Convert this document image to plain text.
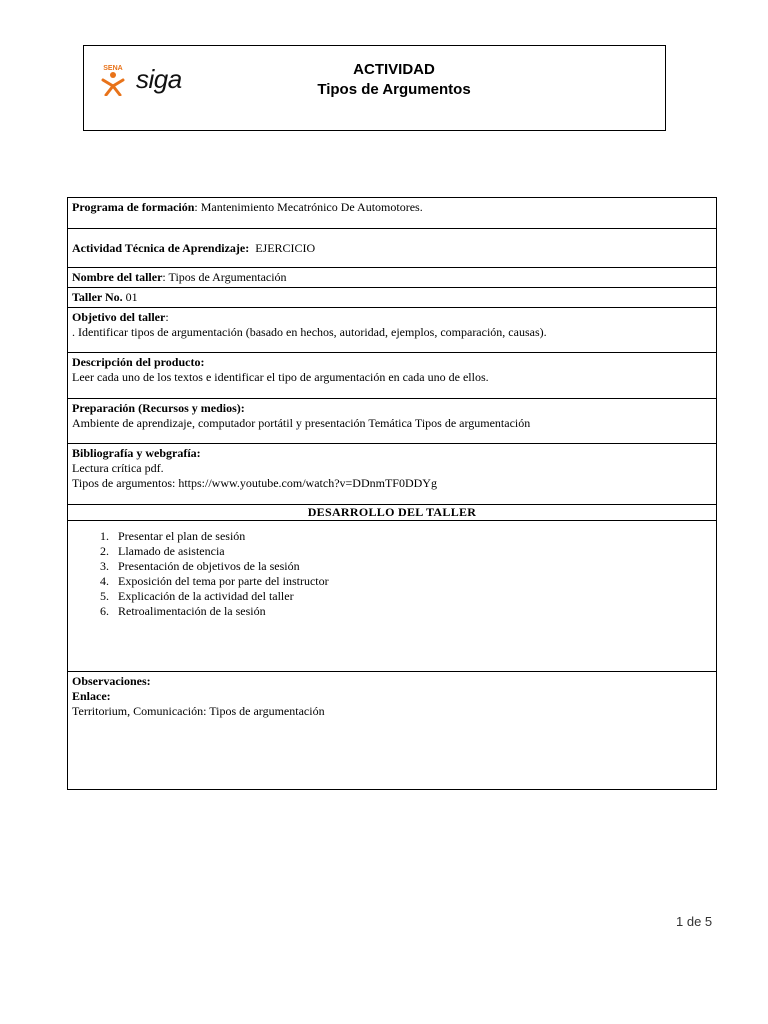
SENA siga	ACTIVIDAD
Tipos de Argumentos
Programa de formación: Mantenimiento Mecatrónico De Automotores.
Actividad Técnica de Aprendizaje: EJERCICIO
Nombre del taller: Tipos de Argumentación
Taller No. 01
Objetivo del taller:
. Identificar tipos de argumentación (basado en hechos, autoridad, ejemplos, comparación, causas).
Descripción del producto:
Leer cada uno de los textos e identificar el tipo de argumentación en cada uno de ellos.
Preparación (Recursos y medios):
Ambiente de aprendizaje, computador portátil y presentación Temática Tipos de argumentación
Bibliografía y webgrafía:
Lectura crítica pdf.
Tipos de argumentos: https://www.youtube.com/watch?v=DDnmTF0DDYg
DESARROLLO DEL TALLER

1. Presentar el plan de sesión
2. Llamado de asistencia
3. Presentación de objetivos de la sesión
4. Exposición del tema por parte del instructor
5. Explicación de la actividad del taller
6. Retroalimentación de la sesión

Observaciones:
Enlace:
Territorium, Comunicación: Tipos de argumentación
1 de 5
